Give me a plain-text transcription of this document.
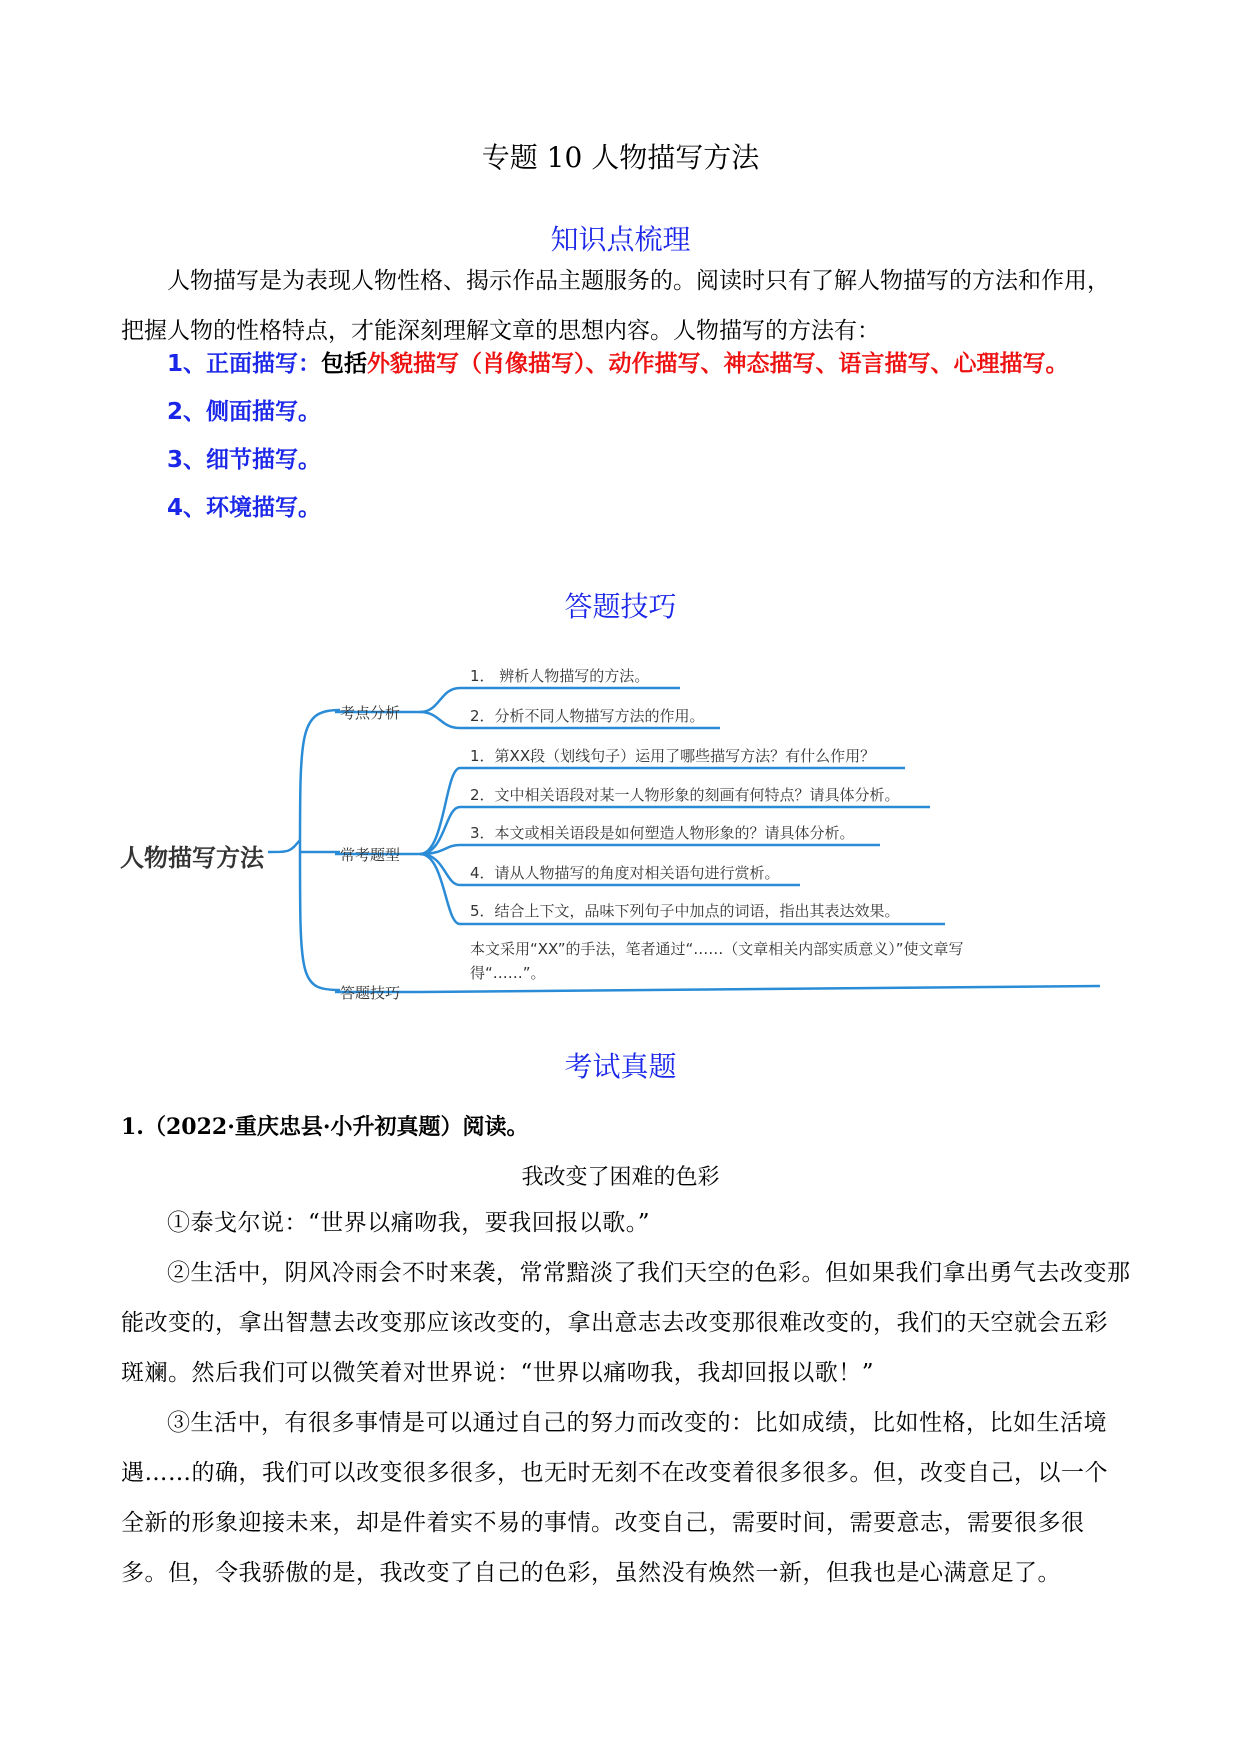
专题 10 人物描写方法
知识点梳理
人物描写是为表现人物性格、揭示作品主题服务的。阅读时只有了解人物描写的方法和作用，把握人物的性格特点，才能深刻理解文章的思想内容。人物描写的方法有：
1、正面描写：包括外貌描写（肖像描写）、动作描写、神态描写、语言描写、心理描写。
2、侧面描写。
3、细节描写。
4、环境描写。
答题技巧
人物描写方法
考点分析
1． 辨析人物描写的方法。
2．分析不同人物描写方法的作用。
常考题型
1．第XX段（划线句子）运用了哪些描写方法？有什么作用？
2．文中相关语段对某一人物形象的刻画有何特点？请具体分析。
3．本文或相关语段是如何塑造人物形象的？请具体分析。
4．请从人物描写的角度对相关语句进行赏析。
5．结合上下文，品味下列句子中加点的词语，指出其表达效果。
答题技巧
本文采用“XX”的手法，笔者通过“……（文章相关内部实质意义）”使文章写
得“……”。
考试真题
1.（2022·重庆忠县·小升初真题）阅读。
我改变了困难的色彩
①泰戈尔说：“世界以痛吻我，要我回报以歌。”
②生活中，阴风冷雨会不时来袭，常常黯淡了我们天空的色彩。但如果我们拿出勇气去改变那能改变的，拿出智慧去改变那应该改变的，拿出意志去改变那很难改变的，我们的天空就会五彩斑斓。然后我们可以微笑着对世界说：“世界以痛吻我，我却回报以歌！”
③生活中，有很多事情是可以通过自己的努力而改变的：比如成绩，比如性格，比如生活境遇……的确，我们可以改变很多很多，也无时无刻不在改变着很多很多。但，改变自己，以一个全新的形象迎接未来，却是件着实不易的事情。改变自己，需要时间，需要意志，需要很多很多。但，令我骄傲的是，我改变了自己的色彩，虽然没有焕然一新，但我也是心满意足了。
